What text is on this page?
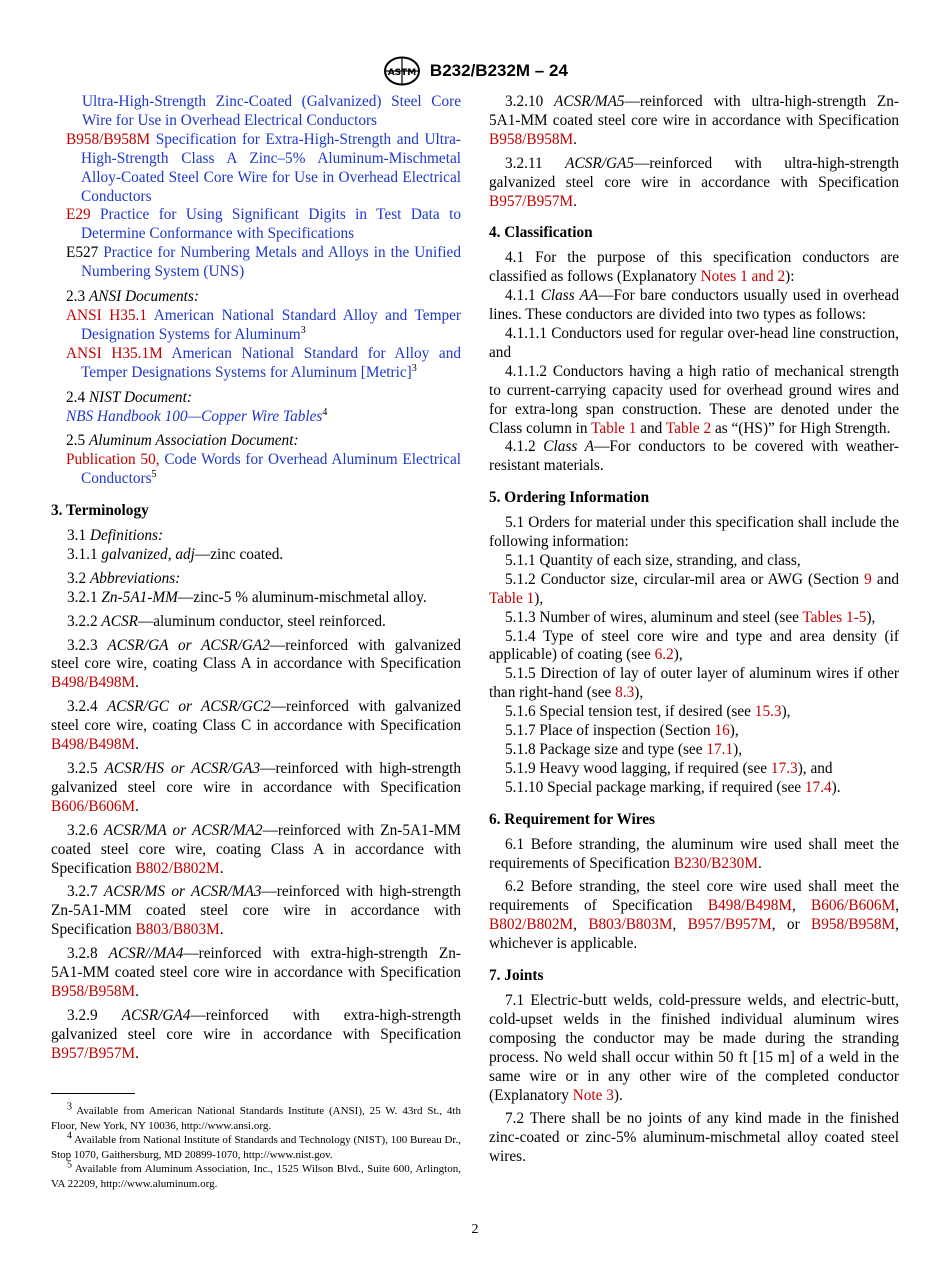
ASTM B232/B232M – 24

Ultra-High-Strength Zinc-Coated (Galvanized) Steel Core Wire for Use in Overhead Electrical Conductors

B958/B958M Specification for Extra-High-Strength and Ultra-High-Strength Class A Zinc–5% Aluminum-Mischmetal Alloy-Coated Steel Core Wire for Use in Overhead Electrical Conductors

E29 Practice for Using Significant Digits in Test Data to Determine Conformance with Specifications

E527 Practice for Numbering Metals and Alloys in the Unified Numbering System (UNS)

2.3 ANSI Documents:

ANSI H35.1 American National Standard Alloy and Temper Designation Systems for Aluminum$^3$

ANSI H35.1M American National Standard for Alloy and Temper Designations Systems for Aluminum [Metric]$^3$

2.4 NIST Document:

NBS Handbook 100—Copper Wire Tables$^4$

2.5 Aluminum Association Document:

Publication 50, Code Words for Overhead Aluminum Electrical Conductors$^5$

3. Terminology

3.1 Definitions:

3.1.1 galvanized, adj—zinc coated.

3.2 Abbreviations:

3.2.1 Zn-5A1-MM—zinc-5 % aluminum-mischmetal alloy.

3.2.2 ACSR—aluminum conductor, steel reinforced.

3.2.3 ACSR/GA or ACSR/GA2—reinforced with galvanized steel core wire, coating Class A in accordance with Specification B498/B498M.

3.2.4 ACSR/GC or ACSR/GC2—reinforced with galvanized steel core wire, coating Class C in accordance with Specification B498/B498M.

3.2.5 ACSR/HS or ACSR/GA3—reinforced with high-strength galvanized steel core wire in accordance with Specification B606/B606M.

3.2.6 ACSR/MA or ACSR/MA2—reinforced with Zn-5A1-MM coated steel core wire, coating Class A in accordance with Specification B802/B802M.

3.2.7 ACSR/MS or ACSR/MA3—reinforced with high-strength Zn-5A1-MM coated steel core wire in accordance with Specification B803/B803M.

3.2.8 ACSR//MA4—reinforced with extra-high-strength Zn-5A1-MM coated steel core wire in accordance with Specification B958/B958M.

3.2.9 ACSR/GA4—reinforced with extra-high-strength galvanized steel core wire in accordance with Specification B957/B957M.

3.2.10 ACSR/MA5—reinforced with ultra-high-strength Zn-5A1-MM coated steel core wire in accordance with Specification B958/B958M.

3.2.11 ACSR/GA5—reinforced with ultra-high-strength galvanized steel core wire in accordance with Specification B957/B957M.

4. Classification

4.1 For the purpose of this specification conductors are classified as follows (Explanatory Notes 1 and 2):

4.1.1 Class AA—For bare conductors usually used in overhead lines. These conductors are divided into two types as follows:

4.1.1.1 Conductors used for regular over-head line construction, and

4.1.1.2 Conductors having a high ratio of mechanical strength to current-carrying capacity used for overhead ground wires and for extra-long span construction. These are denoted under the Class column in Table 1 and Table 2 as “(HS)” for High Strength.

4.1.2 Class A—For conductors to be covered with weather-resistant materials.

5. Ordering Information

5.1 Orders for material under this specification shall include the following information:

5.1.1 Quantity of each size, stranding, and class,

5.1.2 Conductor size, circular-mil area or AWG (Section 9 and Table 1),

5.1.3 Number of wires, aluminum and steel (see Tables 1-5),

5.1.4 Type of steel core wire and type and area density (if applicable) of coating (see 6.2),

5.1.5 Direction of lay of outer layer of aluminum wires if other than right-hand (see 8.3),

5.1.6 Special tension test, if desired (see 15.3),

5.1.7 Place of inspection (Section 16),

5.1.8 Package size and type (see 17.1),

5.1.9 Heavy wood lagging, if required (see 17.3), and

5.1.10 Special package marking, if required (see 17.4).

6. Requirement for Wires

6.1 Before stranding, the aluminum wire used shall meet the requirements of Specification B230/B230M.

6.2 Before stranding, the steel core wire used shall meet the requirements of Specification B498/B498M, B606/B606M, B802/B802M, B803/B803M, B957/B957M, or B958/B958M, whichever is applicable.

7. Joints

7.1 Electric-butt welds, cold-pressure welds, and electric-butt, cold-upset welds in the finished individual aluminum wires composing the conductor may be made during the stranding process. No weld shall occur within 50 ft [15 m] of a weld in the same wire or in any other wire of the completed conductor (Explanatory Note 3).

7.2 There shall be no joints of any kind made in the finished zinc-coated or zinc-5% aluminum-mischmetal alloy coated steel wires.

$^3$ Available from American National Standards Institute (ANSI), 25 W. 43rd St., 4th Floor, New York, NY 10036, http://www.ansi.org.

$^4$ Available from National Institute of Standards and Technology (NIST), 100 Bureau Dr., Stop 1070, Gaithersburg, MD 20899-1070, http://www.nist.gov.

$^5$ Available from Aluminum Association, Inc., 1525 Wilson Blvd., Suite 600, Arlington, VA 22209, http://www.aluminum.org.

2
